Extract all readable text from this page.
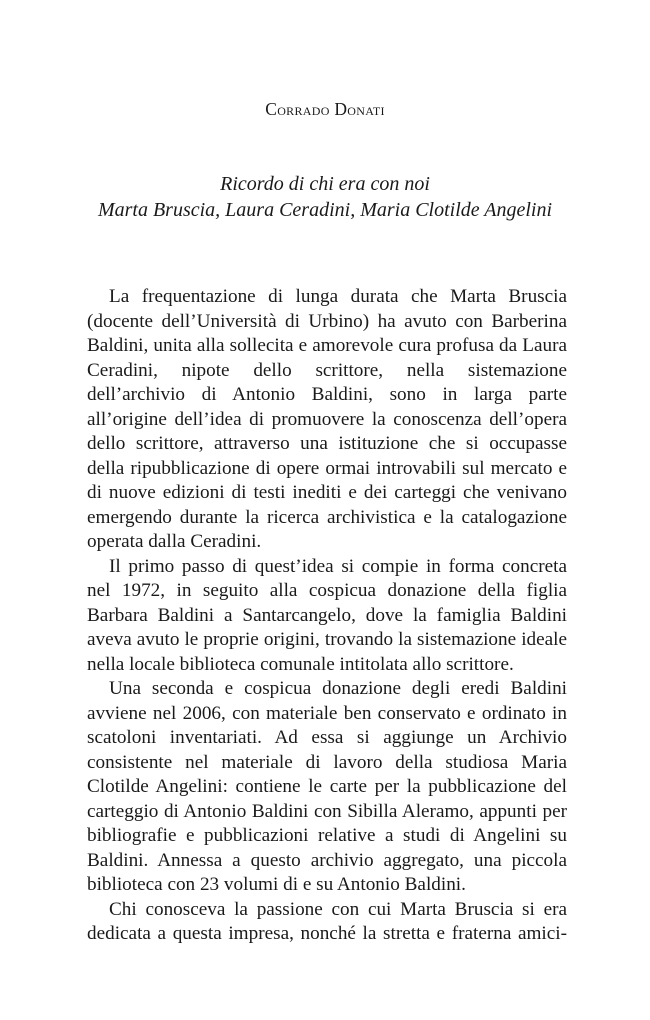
Corrado Donati
Ricordo di chi era con noi
Marta Bruscia, Laura Ceradini, Maria Clotilde Angelini

La frequentazione di lunga durata che Marta Bruscia (docente dell’Università di Urbino) ha avuto con Barberina Baldini, unita alla sollecita e amorevole cura profusa da Laura Ceradini, nipote dello scrittore, nella sistemazione dell’archivio di Antonio Baldini, sono in larga parte all’origine dell’idea di promuovere la conoscenza dell’opera dello scrittore, attraverso una istituzione che si occupasse della ripubblicazione di opere ormai introvabili sul mercato e di nuove edizioni di testi inediti e dei carteggi che venivano emergendo durante la ricerca archivistica e la catalogazione operata dalla Ceradini.

Il primo passo di quest’idea si compie in forma concreta nel 1972, in seguito alla cospicua donazione della figlia Barbara Baldini a Santarcangelo, dove la famiglia Baldini aveva avuto le proprie origini, trovando la sistemazione ideale nella locale biblioteca comunale intitolata allo scrittore.

Una seconda e cospicua donazione degli eredi Baldini avviene nel 2006, con materiale ben conservato e ordinato in scatoloni inventariati. Ad essa si aggiunge un Archivio consistente nel materiale di lavoro della studiosa Maria Clotilde Angelini: contiene le carte per la pubblicazione del carteggio di Antonio Baldini con Sibilla Aleramo, appunti per bibliografie e pubblicazioni relative a studi di Angelini su Baldini. Annessa a questo archivio aggregato, una piccola biblioteca con 23 volumi di e su Antonio Baldini.

Chi conosceva la passione con cui Marta Bruscia si era dedicata a questa impresa, nonché la stretta e fraterna amici-
